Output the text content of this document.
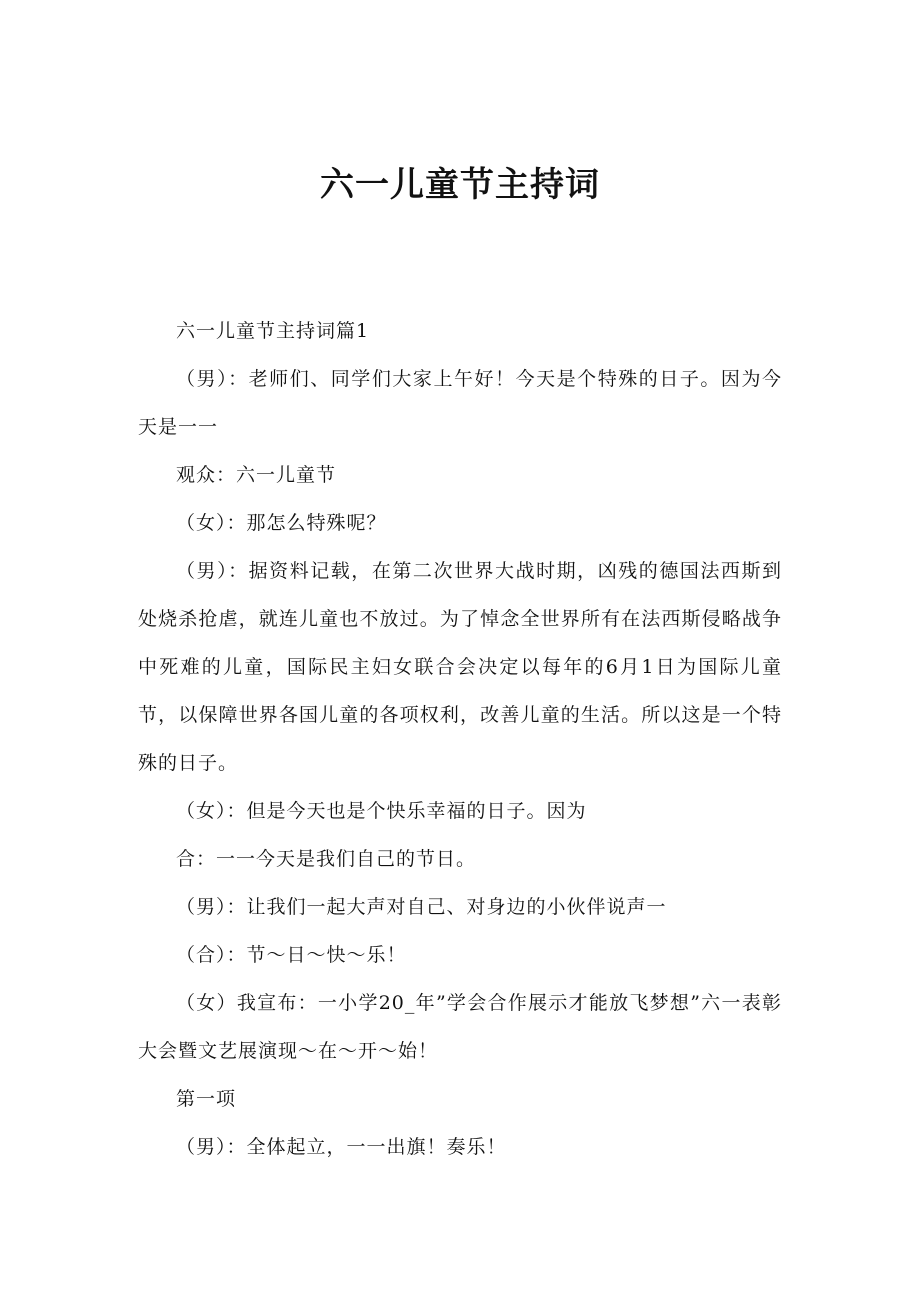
六一儿童节主持词

六一儿童节主持词篇1

（男）：老师们、同学们大家上午好！今天是个特殊的日子。因为今天是一一

观众：六一儿童节

（女）：那怎么特殊呢？

（男）：据资料记载，在第二次世界大战时期，凶残的德国法西斯到处烧杀抢虐，就连儿童也不放过。为了悼念全世界所有在法西斯侵略战争中死难的儿童，国际民主妇女联合会决定以每年的6月1日为国际儿童节，以保障世界各国儿童的各项权利，改善儿童的生活。所以这是一个特殊的日子。

（女）：但是今天也是个快乐幸福的日子。因为

合：一一今天是我们自己的节日。

（男）：让我们一起大声对自己、对身边的小伙伴说声一

（合）：节～日～快～乐！

（女）我宣布：一小学20_年”学会合作展示才能放飞梦想”六一表彰大会暨文艺展演现～在～开～始！

第一项

（男）：全体起立，一一出旗！奏乐！
